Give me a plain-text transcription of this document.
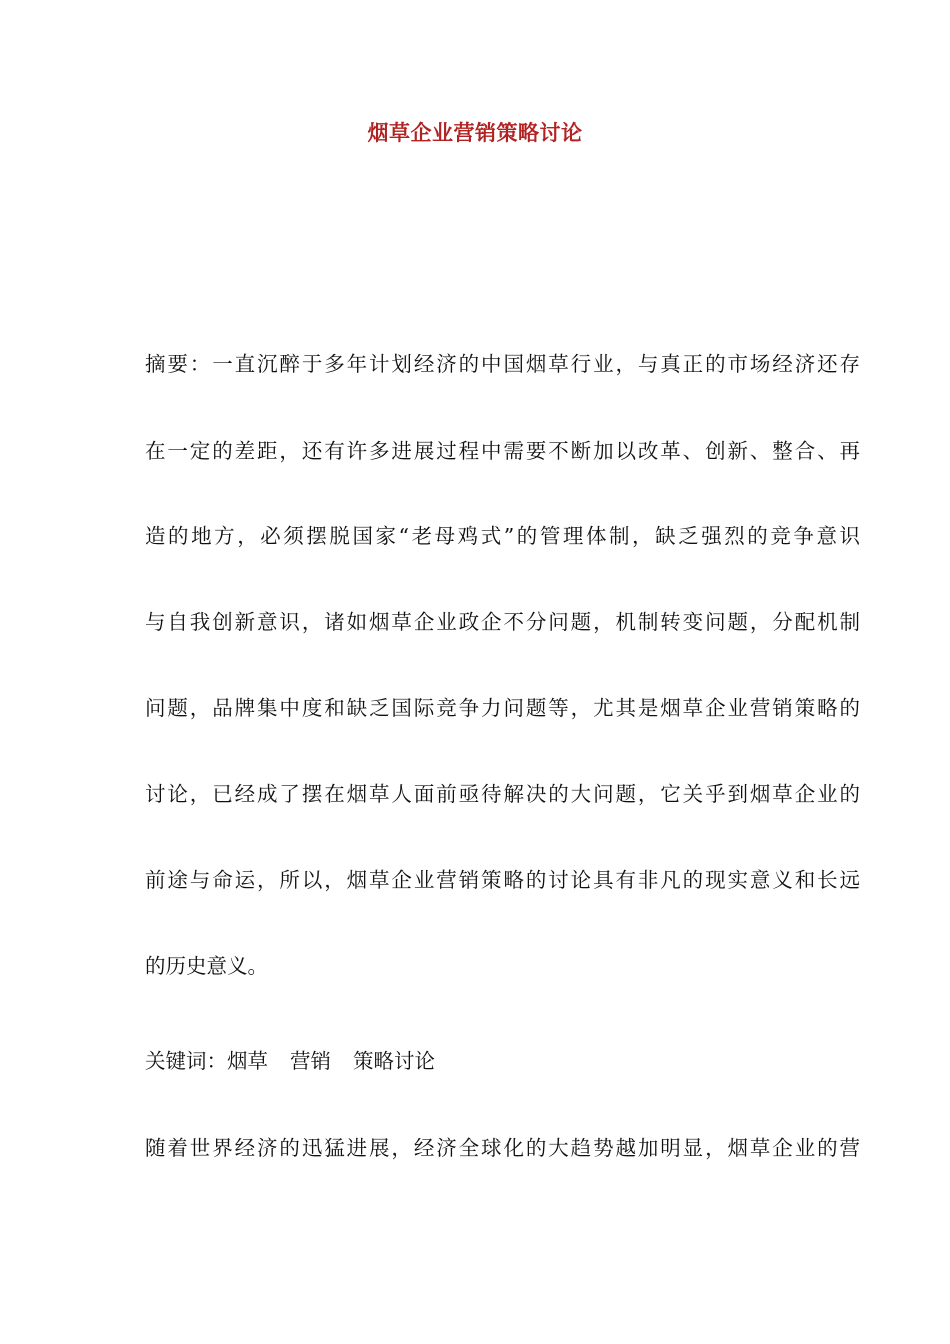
烟草企业营销策略讨论
摘要：一直沉醉于多年计划经济的中国烟草行业，与真正的市场经济还存
在一定的差距，还有许多进展过程中需要不断加以改革、创新、整合、再
造的地方，必须摆脱国家“老母鸡式”的管理体制，缺乏强烈的竞争意识
与自我创新意识，诸如烟草企业政企不分问题，机制转变问题，分配机制
问题，品牌集中度和缺乏国际竞争力问题等，尤其是烟草企业营销策略的
讨论，已经成了摆在烟草人面前亟待解决的大问题，它关乎到烟草企业的
前途与命运，所以，烟草企业营销策略的讨论具有非凡的现实意义和长远
的历史意义。
关键词：烟草 营销 策略讨论
随着世界经济的迅猛进展，经济全球化的大趋势越加明显，烟草企业的营
